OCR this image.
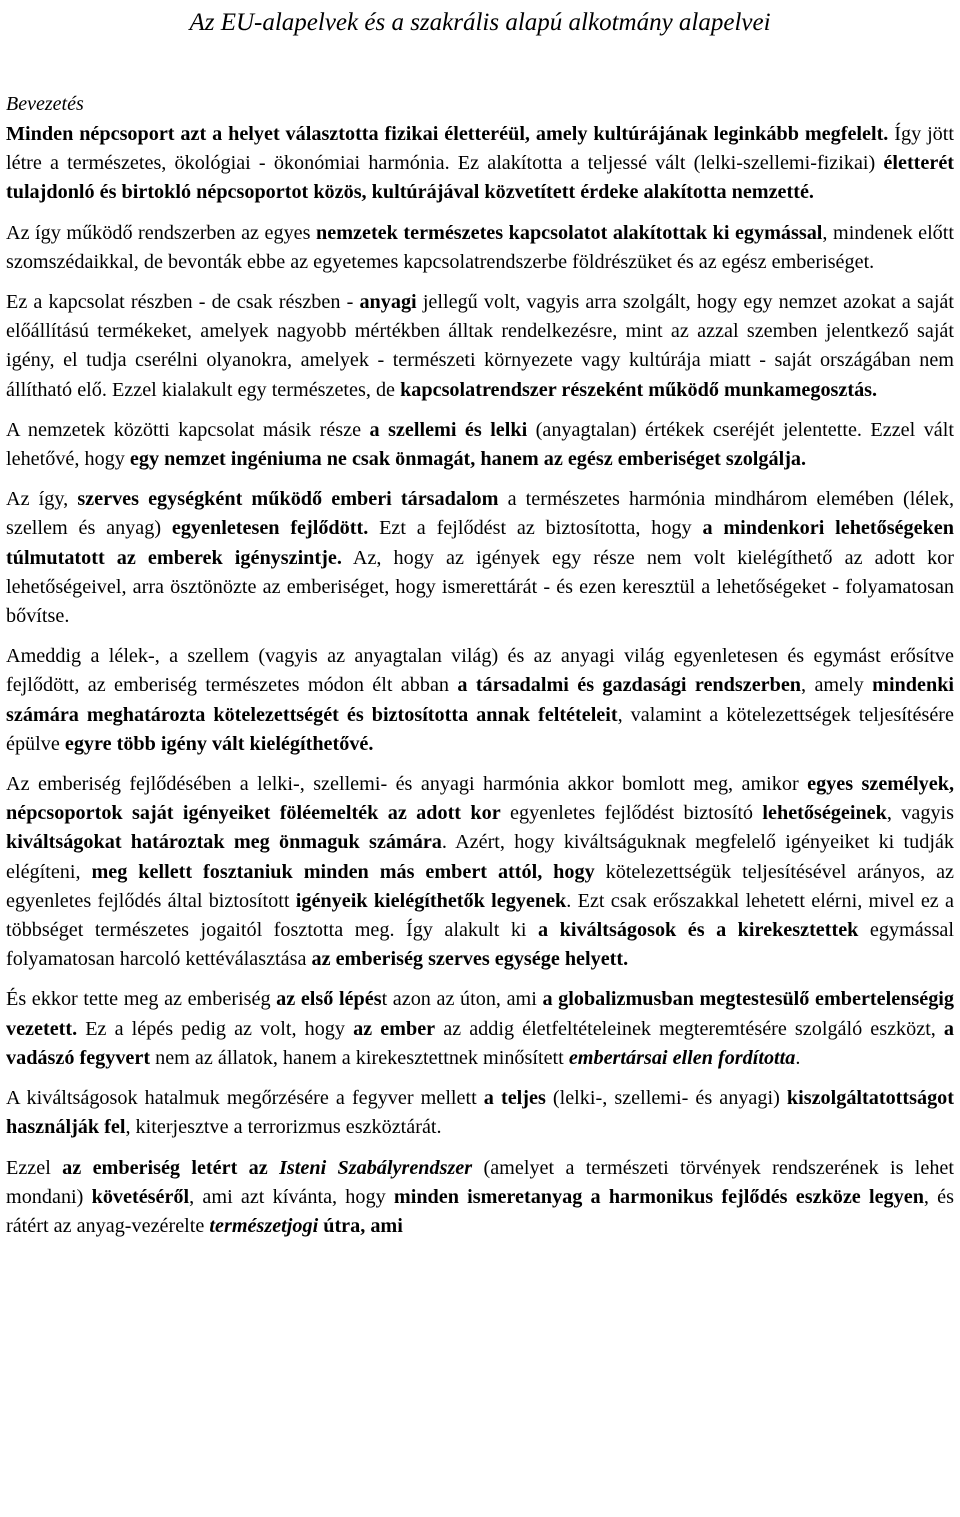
Az EU-alapelvek és a szakrális alapú alkotmány alapelvei
Bevezetés

Minden népcsoport azt a helyet választotta fizikai életteréül, amely kultúrájának leginkább megfelelt. Így jött létre a természetes, ökológiai - ökonómiai harmónia. Ez alakította a teljessé vált (lelki-szellemi-fizikai) életterét tulajdonló és birtokló népcsoportot közös, kultúrájával közvetített érdeke alakította nemzetté.

Az így működő rendszerben az egyes nemzetek természetes kapcsolatot alakítottak ki egymással, mindenek előtt szomszédaikkal, de bevonták ebbe az egyetemes kapcsolatrendszerbe földrészüket és az egész emberiséget.

Ez a kapcsolat részben - de csak részben - anyagi jellegű volt, vagyis arra szolgált, hogy egy nemzet azokat a saját előállítású termékeket, amelyek nagyobb mértékben álltak rendelkezésre, mint az azzal szemben jelentkező saját igény, el tudja cserélni olyanokra, amelyek - természeti környezete vagy kultúrája miatt - saját országában nem állítható elő. Ezzel kialakult egy természetes, de kapcsolatrendszer részeként működő munkamegosztás.

A nemzetek közötti kapcsolat másik része a szellemi és lelki (anyagtalan) értékek cseréjét jelentette. Ezzel vált lehetővé, hogy egy nemzet ingéniuma ne csak önmagát, hanem az egész emberiséget szolgálja.

Az így, szerves egységként működő emberi társadalom a természetes harmónia mindhárom elemében (lélek, szellem és anyag) egyenletesen fejlődött. Ezt a fejlődést az biztosította, hogy a mindenkori lehetőségeken túlmutatott az emberek igényszintje. Az, hogy az igények egy része nem volt kielégíthető az adott kor lehetőségeivel, arra ösztönözte az emberiséget, hogy ismerettárát - és ezen keresztül a lehetőségeket - folyamatosan bővítse.

Ameddig a lélek-, a szellem (vagyis az anyagtalan világ) és az anyagi világ egyenletesen és egymást erősítve fejlődött, az emberiség természetes módon élt abban a társadalmi és gazdasági rendszerben, amely mindenki számára meghatározta kötelezettségét és biztosította annak feltételeit, valamint a kötelezettségek teljesítésére épülve egyre több igény vált kielégíthetővé.

Az emberiség fejlődésében a lelki-, szellemi- és anyagi harmónia akkor bomlott meg, amikor egyes személyek, népcsoportok saját igényeiket föléemelték az adott kor egyenletes fejlődést biztosító lehetőségeinek, vagyis kiváltságokat határoztak meg önmaguk számára. Azért, hogy kiváltságuknak megfelelő igényeiket ki tudják elégíteni, meg kellett fosztaniuk minden más embert attól, hogy kötelezettségük teljesítésével arányos, az egyenletes fejlődés által biztosított igényeik kielégíthetők legyenek. Ezt csak erőszakkal lehetett elérni, mivel ez a többséget természetes jogaitól fosztotta meg. Így alakult ki a kiváltságosok és a kirekesztettek egymással folyamatosan harcoló kettéválasztása az emberiség szerves egysége helyett.

És ekkor tette meg az emberiség az első lépést azon az úton, ami a globalizmusban megtestesülő embertelenségig vezetett. Ez a lépés pedig az volt, hogy az ember az addig életfeltételeinek megteremtésére szolgáló eszközt, a vadászó fegyvert nem az állatok, hanem a kirekesztettnek minősített embertársai ellen fordította.

A kiváltságosok hatalmuk megőrzésére a fegyver mellett a teljes (lelki-, szellemi- és anyagi) kiszolgáltatottságot használják fel, kiterjesztve a terrorizmus eszköztárát.

Ezzel az emberiség letért az Isteni Szabályrendszer (amelyet a természeti törvények rendszerének is lehet mondani) követéséről, ami azt kívánta, hogy minden ismeretanyag a harmonikus fejlődés eszköze legyen, és rátért az anyag-vezérelte természetjogi útra, ami
